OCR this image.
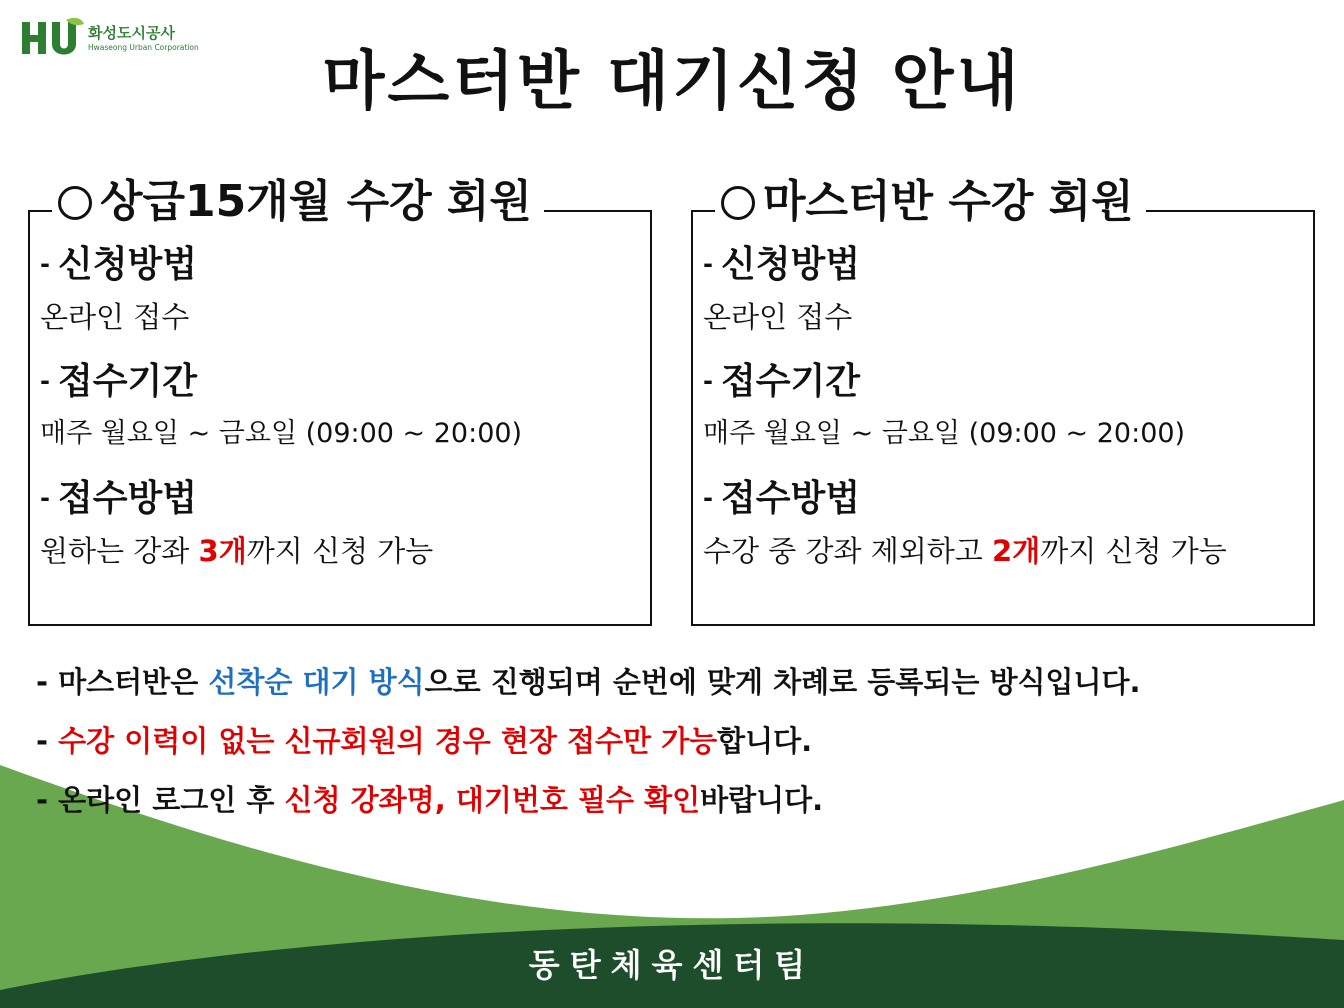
화성도시공사
Hwaseong Urban Corporation	마스터반 대기신청 안내
상급15개월 수강 회원

- 신청방법

온라인 접수

- 접수기간

매주 월요일 ~ 금요일 (09:00 ~ 20:00)

- 접수방법

원하는 강좌 3개까지 신청 가능

마스터반 수강 회원

- 신청방법

온라인 접수

- 접수기간

매주 월요일 ~ 금요일 (09:00 ~ 20:00)

- 접수방법

수강 중 강좌 제외하고 2개까지 신청 가능

- 마스터반은 선착순 대기 방식으로 진행되며 순번에 맞게 차례로 등록되는 방식입니다.

- 수강 이력이 없는 신규회원의 경우 현장 접수만 가능합니다.

- 온라인 로그인 후 신청 강좌명, 대기번호 필수 확인바랍니다.

동탄체육센터팀
